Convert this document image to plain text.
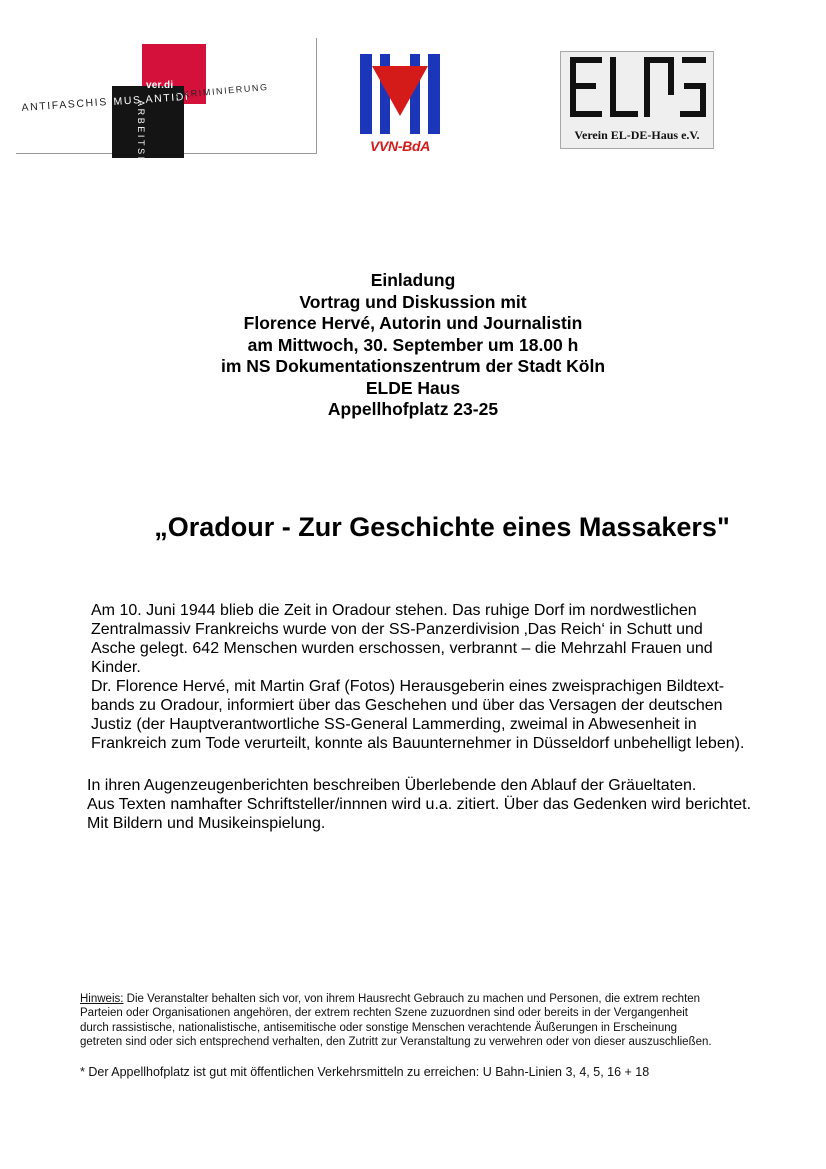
ver.di
ARBEITSKREIS
ANTIFASCHIS MUS ANTIDI
SKRIMINIERUNG
VVN-BdA
Verein EL-DE-Haus e.V.
Einladung
Vortrag und Diskussion mit
Florence Hervé, Autorin und Journalistin
am Mittwoch, 30. September um 18.00 h
im NS Dokumentationszentrum der Stadt Köln
ELDE Haus
Appellhofplatz 23-25
„Oradour - Zur Geschichte eines Massakers"
Am 10. Juni 1944 blieb die Zeit in Oradour stehen. Das ruhige Dorf im nordwestlichen
Zentralmassiv Frankreichs wurde von der SS-Panzerdivision ‚Das Reich‘ in Schutt und
Asche gelegt. 642 Menschen wurden erschossen, verbrannt – die Mehrzahl Frauen und
Kinder.
Dr. Florence Hervé, mit Martin Graf (Fotos) Herausgeberin eines zweisprachigen Bildtext-
bands zu Oradour, informiert über das Geschehen und über das Versagen der deutschen
Justiz (der Hauptverantwortliche SS-General Lammerding, zweimal in Abwesenheit in
Frankreich zum Tode verurteilt, konnte als Bauunternehmer in Düsseldorf unbehelligt leben).
In ihren Augenzeugenberichten beschreiben Überlebende den Ablauf der Gräueltaten.
Aus Texten namhafter Schriftsteller/innnen wird u.a. zitiert. Über das Gedenken wird berichtet.
Mit Bildern und Musikeinspielung.
Hinweis: Die Veranstalter behalten sich vor, von ihrem Hausrecht Gebrauch zu machen und Personen, die extrem rechten
Parteien oder Organisationen angehören, der extrem rechten Szene zuzuordnen sind oder bereits in der Vergangenheit
durch rassistische, nationalistische, antisemitische oder sonstige Menschen verachtende Äußerungen in Erscheinung
getreten sind oder sich entsprechend verhalten, den Zutritt zur Veranstaltung zu verwehren oder von dieser auszuschließen.
* Der Appellhofplatz ist gut mit öffentlichen Verkehrsmitteln zu erreichen: U Bahn-Linien 3, 4, 5, 16 + 18
